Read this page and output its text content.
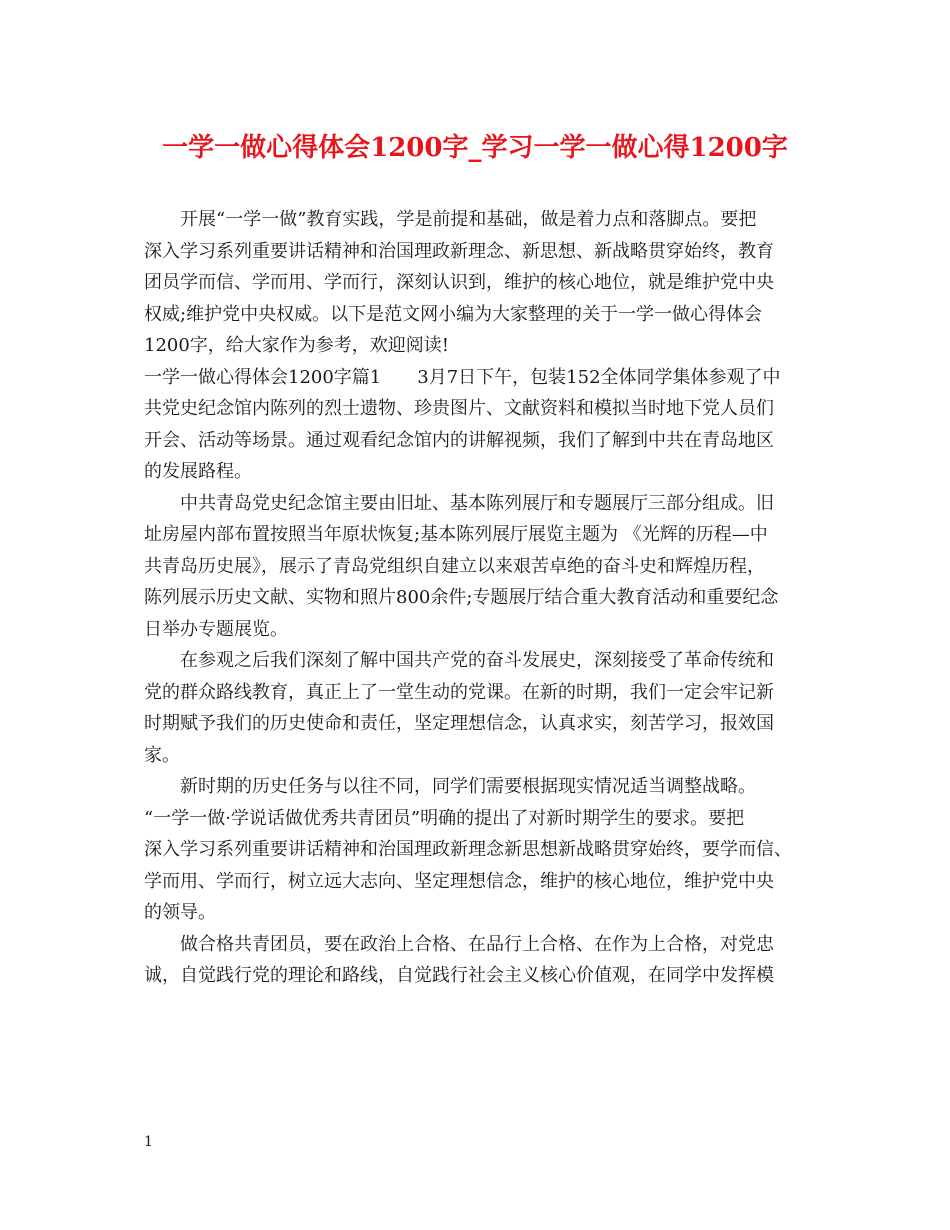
一学一做心得体会1200字_学习一学一做心得1200字
开展“一学一做”教育实践，学是前提和基础，做是着力点和落脚点。要把
深入学习系列重要讲话精神和治国理政新理念、新思想、新战略贯穿始终，教育
团员学而信、学而用、学而行，深刻认识到，维护的核心地位，就是维护党中央
权威;维护党中央权威。以下是范文网小编为大家整理的关于一学一做心得体会
1200字，给大家作为参考，欢迎阅读!
一学一做心得体会1200字篇1　　3月7日下午，包装152全体同学集体参观了中
共党史纪念馆内陈列的烈士遗物、珍贵图片、文献资料和模拟当时地下党人员们
开会、活动等场景。通过观看纪念馆内的讲解视频，我们了解到中共在青岛地区
的发展路程。
中共青岛党史纪念馆主要由旧址、基本陈列展厅和专题展厅三部分组成。旧
址房屋内部布置按照当年原状恢复;基本陈列展厅展览主题为 《光辉的历程—中
共青岛历史展》，展示了青岛党组织自建立以来艰苦卓绝的奋斗史和辉煌历程，
陈列展示历史文献、实物和照片800余件;专题展厅结合重大教育活动和重要纪念
日举办专题展览。
在参观之后我们深刻了解中国共产党的奋斗发展史，深刻接受了革命传统和
党的群众路线教育，真正上了一堂生动的党课。在新的时期，我们一定会牢记新
时期赋予我们的历史使命和责任，坚定理想信念，认真求实，刻苦学习，报效国
家。
新时期的历史任务与以往不同，同学们需要根据现实情况适当调整战略。
“一学一做·学说话做优秀共青团员”明确的提出了对新时期学生的要求。要把
深入学习系列重要讲话精神和治国理政新理念新思想新战略贯穿始终，要学而信、
学而用、学而行，树立远大志向、坚定理想信念，维护的核心地位，维护党中央
的领导。
做合格共青团员，要在政治上合格、在品行上合格、在作为上合格，对党忠
诚，自觉践行党的理论和路线，自觉践行社会主义核心价值观，在同学中发挥模
1
